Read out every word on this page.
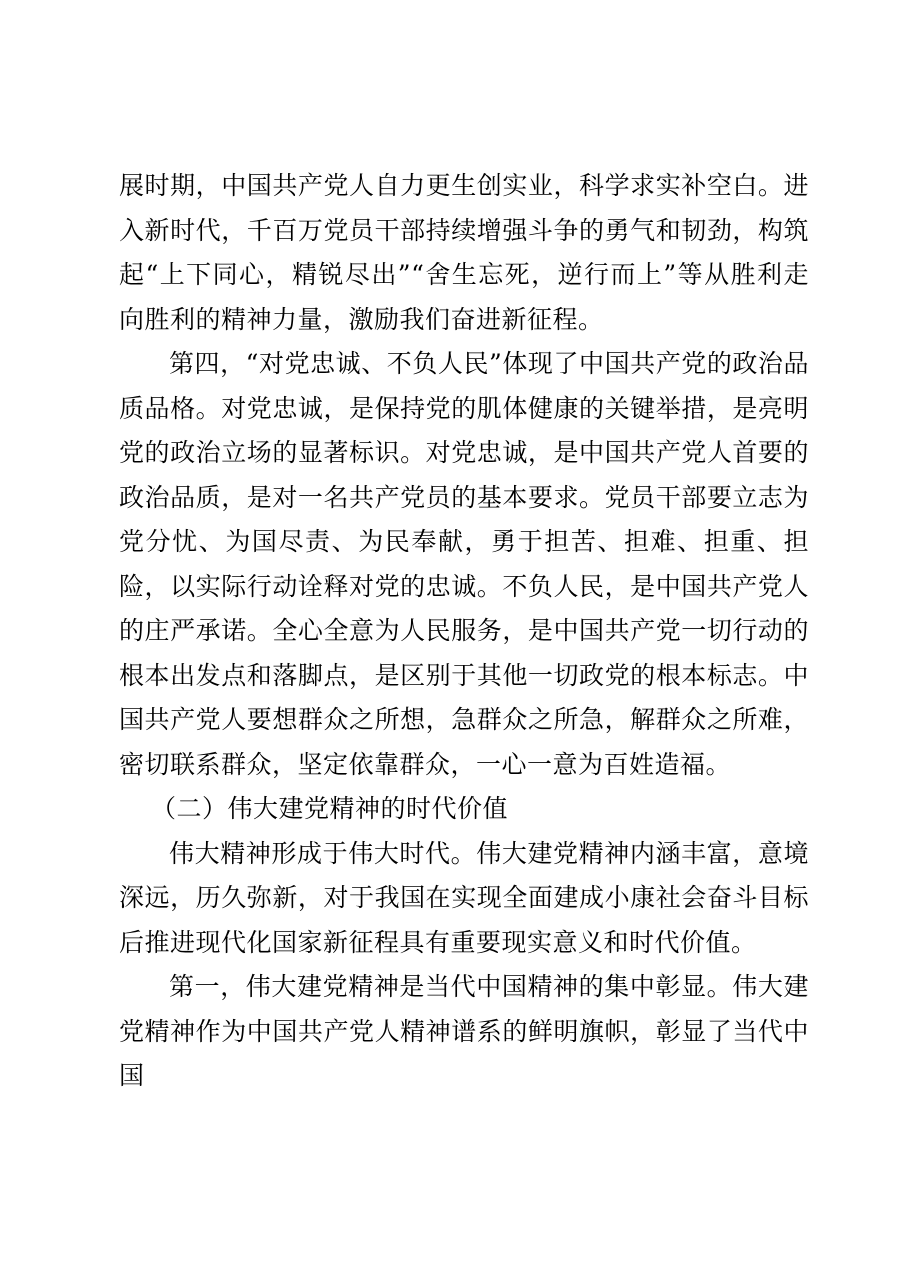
展时期，中国共产党人自力更生创实业，科学求实补空白。进入新时代，千百万党员干部持续增强斗争的勇气和韧劲，构筑起“上下同心，精锐尽出”“舍生忘死，逆行而上”等从胜利走向胜利的精神力量，激励我们奋进新征程。

第四，“对党忠诚、不负人民”体现了中国共产党的政治品质品格。对党忠诚，是保持党的肌体健康的关键举措，是亮明党的政治立场的显著标识。对党忠诚，是中国共产党人首要的政治品质，是对一名共产党员的基本要求。党员干部要立志为党分忧、为国尽责、为民奉献，勇于担苦、担难、担重、担险，以实际行动诠释对党的忠诚。不负人民，是中国共产党人的庄严承诺。全心全意为人民服务，是中国共产党一切行动的根本出发点和落脚点，是区别于其他一切政党的根本标志。中国共产党人要想群众之所想，急群众之所急，解群众之所难，密切联系群众，坚定依靠群众，一心一意为百姓造福。

（二）伟大建党精神的时代价值

伟大精神形成于伟大时代。伟大建党精神内涵丰富，意境深远，历久弥新，对于我国在实现全面建成小康社会奋斗目标后推进现代化国家新征程具有重要现实意义和时代价值。

第一，伟大建党精神是当代中国精神的集中彰显。伟大建党精神作为中国共产党人精神谱系的鲜明旗帜，彰显了当代中国
